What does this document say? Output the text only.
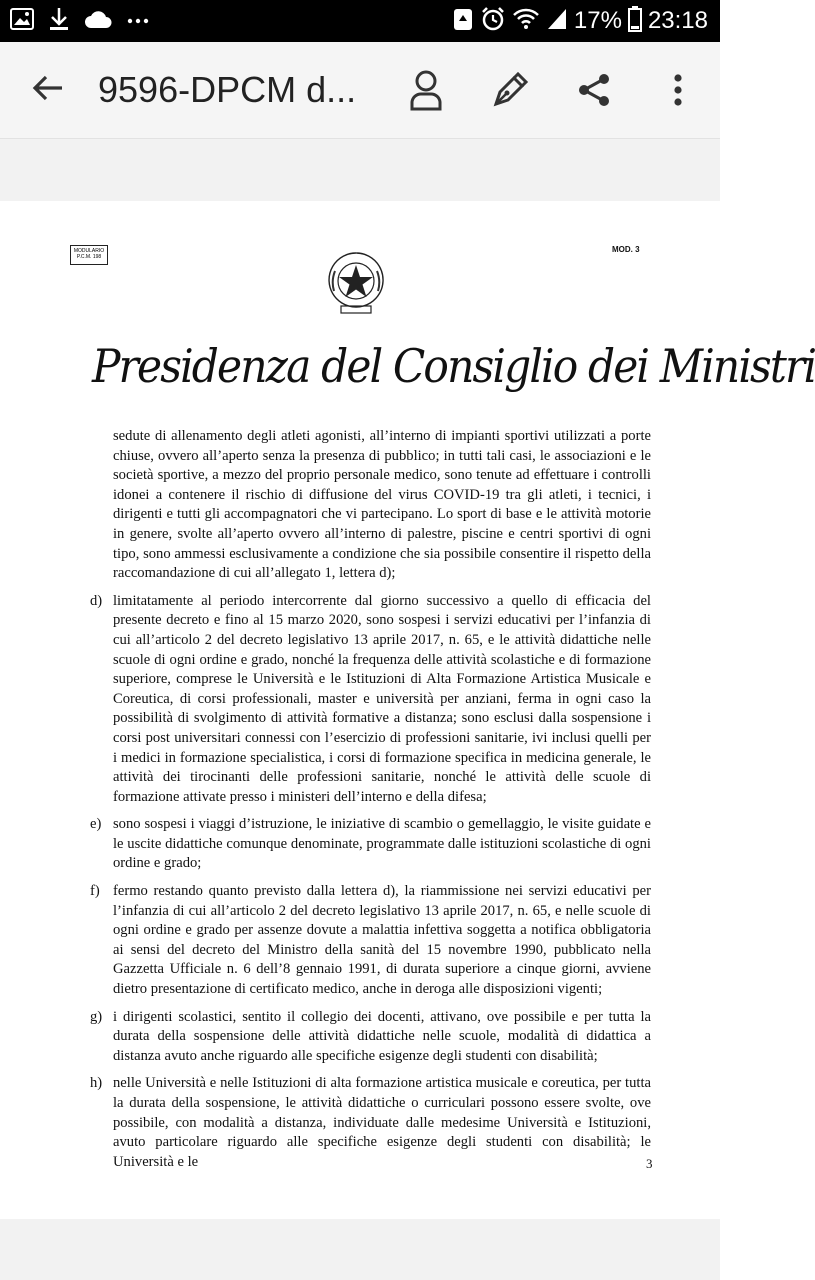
17% 23:18
9596-DPCM d...
MODULARIO
P.C.M. 198
MOD. 3
Presidenza del Consiglio dei Ministri
sedute di allenamento degli atleti agonisti, all’interno di impianti sportivi utilizzati a porte chiuse, ovvero all’aperto senza la presenza di pubblico; in tutti tali casi, le associazioni e le società sportive, a mezzo del proprio personale medico, sono tenute ad effettuare i controlli idonei a contenere il rischio di diffusione del virus COVID-19 tra gli atleti, i tecnici, i dirigenti e tutti gli accompagnatori che vi partecipano. Lo sport di base e le attività motorie in genere, svolte all’aperto ovvero all’interno di palestre, piscine e centri sportivi di ogni tipo, sono ammessi esclusivamente a condizione che sia possibile consentire il rispetto della raccomandazione di cui all’allegato 1, lettera d);
d) limitatamente al periodo intercorrente dal giorno successivo a quello di efficacia del presente decreto e fino al 15 marzo 2020, sono sospesi i servizi educativi per l’infanzia di cui all’articolo 2 del decreto legislativo 13 aprile 2017, n. 65, e le attività didattiche nelle scuole di ogni ordine e grado, nonché la frequenza delle attività scolastiche e di formazione superiore, comprese le Università e le Istituzioni di Alta Formazione Artistica Musicale e Coreutica, di corsi professionali, master e università per anziani, ferma in ogni caso la possibilità di svolgimento di attività formative a distanza; sono esclusi dalla sospensione i corsi post universitari connessi con l’esercizio di professioni sanitarie, ivi inclusi quelli per i medici in formazione specialistica, i corsi di formazione specifica in medicina generale, le attività dei tirocinanti delle professioni sanitarie, nonché le attività delle scuole di formazione attivate presso i ministeri dell’interno e della difesa;
e) sono sospesi i viaggi d’istruzione, le iniziative di scambio o gemellaggio, le visite guidate e le uscite didattiche comunque denominate, programmate dalle istituzioni scolastiche di ogni ordine e grado;
f) fermo restando quanto previsto dalla lettera d), la riammissione nei servizi educativi per l’infanzia di cui all’articolo 2 del decreto legislativo 13 aprile 2017, n. 65, e nelle scuole di ogni ordine e grado per assenze dovute a malattia infettiva soggetta a notifica obbligatoria ai sensi del decreto del Ministro della sanità del 15 novembre 1990, pubblicato nella Gazzetta Ufficiale n. 6 dell’8 gennaio 1991, di durata superiore a cinque giorni, avviene dietro presentazione di certificato medico, anche in deroga alle disposizioni vigenti;
g) i dirigenti scolastici, sentito il collegio dei docenti, attivano, ove possibile e per tutta la durata della sospensione delle attività didattiche nelle scuole, modalità di didattica a distanza avuto anche riguardo alle specifiche esigenze degli studenti con disabilità;
h) nelle Università e nelle Istituzioni di alta formazione artistica musicale e coreutica, per tutta la durata della sospensione, le attività didattiche o curriculari possono essere svolte, ove possibile, con modalità a distanza, individuate dalle medesime Università e Istituzioni, avuto particolare riguardo alle specifiche esigenze degli studenti con disabilità; le Università e le	3
